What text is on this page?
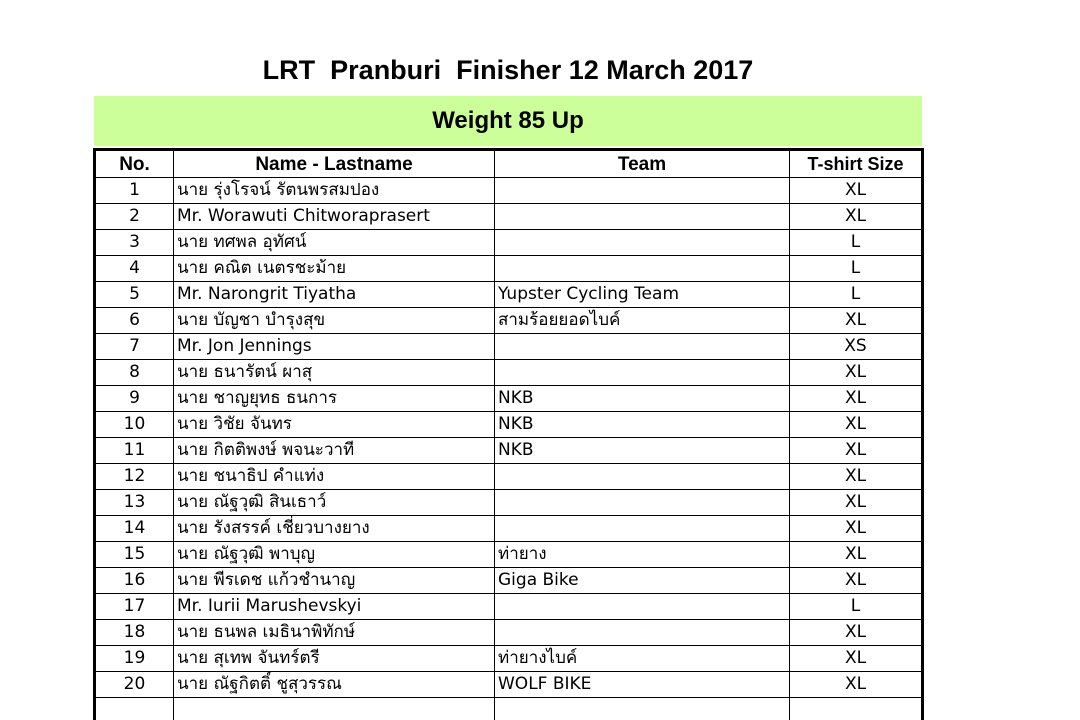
LRT  Pranburi  Finisher 12 March 2017
Weight 85 Up
No.	Name - Lastname	Team	T-shirt Size
1	นาย รุ่งโรจน์ รัตนพรสมปอง		XL
2	Mr. Worawuti Chitworaprasert		XL
3	นาย ทศพล อุทัศน์		L
4	นาย คณิต เนตรชะม้าย		L
5	Mr. Narongrit Tiyatha	Yupster Cycling Team	L
6	นาย บัญชา บำรุงสุข	สามร้อยยอดไบค์	XL
7	Mr. Jon Jennings		XS
8	นาย ธนารัตน์ ผาสุ		XL
9	นาย ชาญยุทธ ธนการ	NKB	XL
10	นาย วิชัย จันทร	NKB	XL
11	นาย กิตติพงษ์ พจนะวาที	NKB	XL
12	นาย ชนาธิป คำแท่ง		XL
13	นาย ณัฐวุฒิ สินเธาว์		XL
14	นาย รังสรรค์ เชี่ยวบางยาง		XL
15	นาย ณัฐวุฒิ พาบุญ	ท่ายาง	XL
16	นาย พีรเดช แก้วชำนาญ	Giga Bike	XL
17	Mr. Iurii Marushevskyi		L
18	นาย ธนพล เมธินาพิทักษ์		XL
19	นาย สุเทพ จันทร์ตรี	ท่ายางไบค์	XL
20	นาย ณัฐกิตติ์ ชูสุวรรณ	WOLF BIKE	XL
